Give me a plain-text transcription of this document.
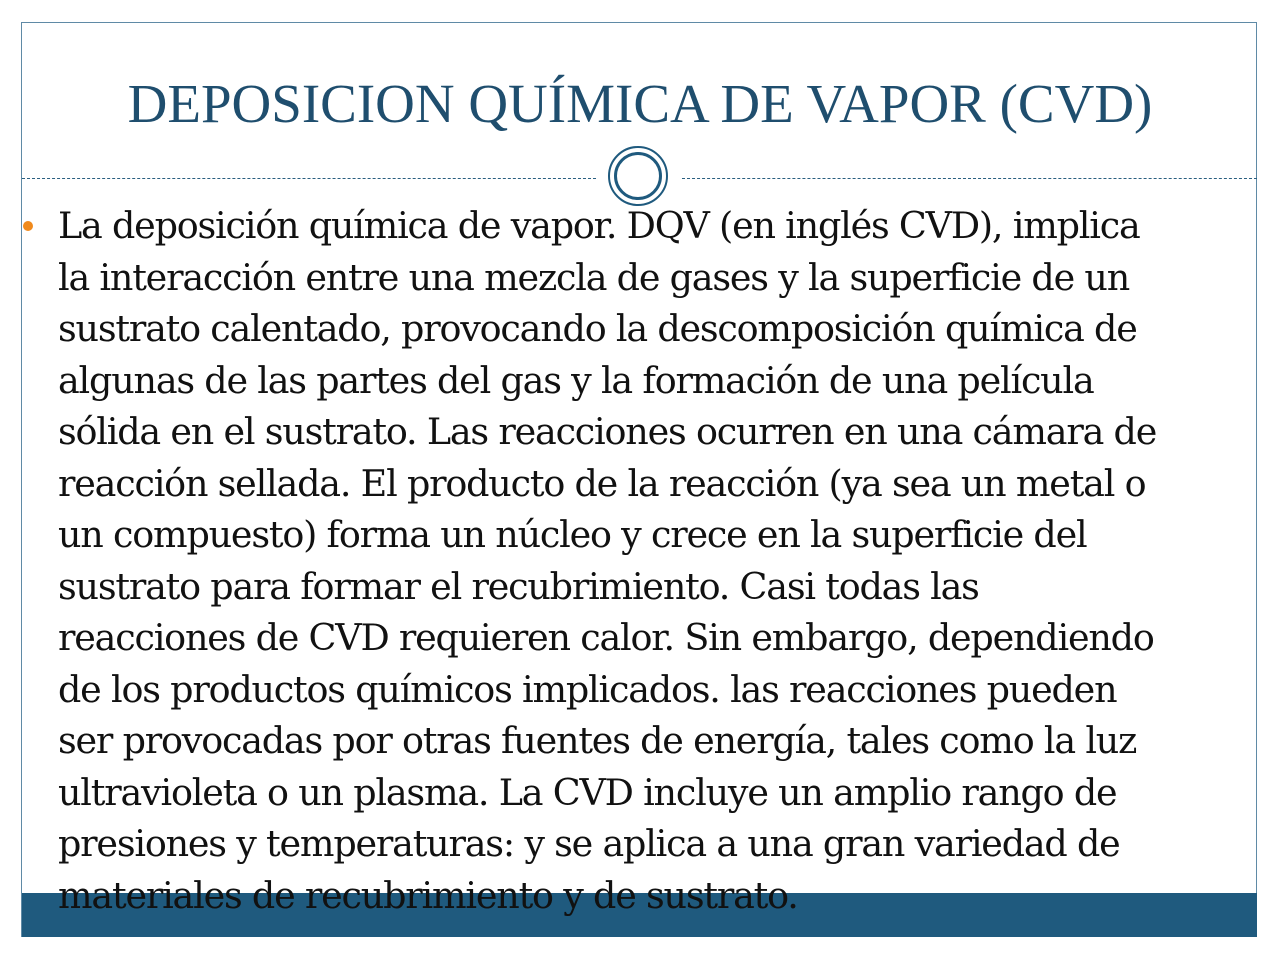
DEPOSICION QUÍMICA DE VAPOR (CVD)
La deposición química de vapor. DQV (en inglés CVD), implica
la interacción entre una mezcla de gases y la superficie de un
sustrato calentado, provocando la descomposición química de
algunas de las partes del gas y la formación de una película
sólida en el sustrato. Las reacciones ocurren en una cámara de
reacción sellada. El producto de la reacción (ya sea un metal o
un compuesto) forma un núcleo y crece en la superficie del
sustrato para formar el recubrimiento. Casi todas las
reacciones de CVD requieren calor. Sin embargo, dependiendo
de los productos químicos implicados. las reacciones pueden
ser provocadas por otras fuentes de energía, tales como la luz
ultravioleta o un plasma. La CVD incluye un amplio rango de
presiones y temperaturas: y se aplica a una gran variedad de
materiales de recubrimiento y de sustrato.
